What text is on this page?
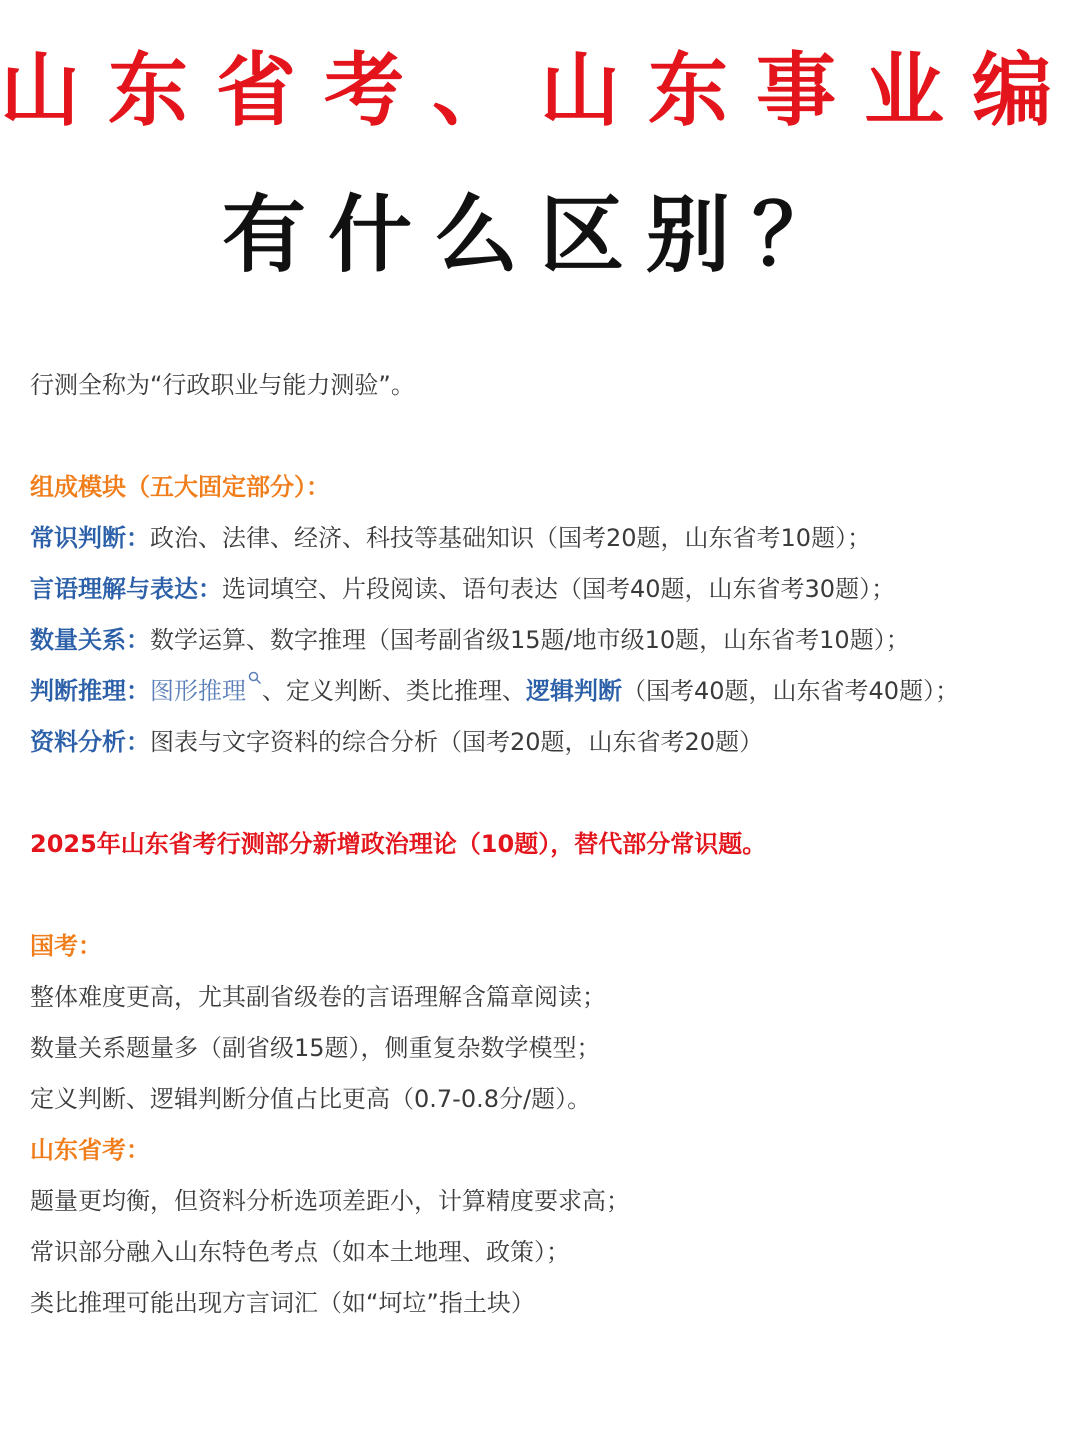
山东省考、山东事业编
有什么区别？
行测全称为“行政职业与能力测验”。
组成模块（五大固定部分）：
常识判断：政治、法律、经济、科技等基础知识（国考20题，山东省考10题）；
言语理解与表达：选词填空、片段阅读、语句表达（国考40题，山东省考30题）；
数量关系：数学运算、数字推理（国考副省级15题/地市级10题，山东省考10题）；
判断推理：图形推理 、定义判断、类比推理、逻辑判断（国考40题，山东省考40题）；
资料分析：图表与文字资料的综合分析（国考20题，山东省考20题）
2025年山东省考行测部分新增政治理论（10题），替代部分常识题。
国考：
整体难度更高，尤其副省级卷的言语理解含篇章阅读；
数量关系题量多（副省级15题），侧重复杂数学模型；
定义判断、逻辑判断分值占比更高（0.7-0.8分/题）。
山东省考：
题量更均衡，但资料分析选项差距小，计算精度要求高；
常识部分融入山东特色考点（如本土地理、政策）；
类比推理可能出现方言词汇（如“坷垃”指土块）
